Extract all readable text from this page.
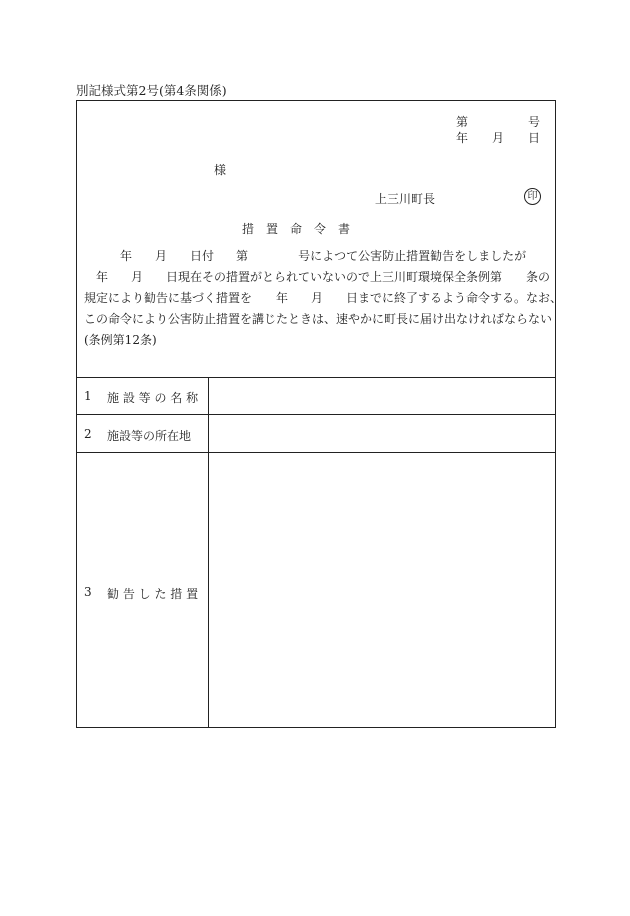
別記様式第2号(第4条関係)
第	号
年 月 日
様
上三川町長	印
措　置　命　令　書
年 月 日付 第	号によつて公害防止措置勧告をしましたが
年 月 日現在その措置がとられていないので上三川町環境保全条例第 条の
規定により勧告に基づく措置を 年 月 日までに終了するよう命令する。なお、
この命令により公害防止措置を講じたときは、速やかに町長に届け出なければならない
(条例第12条)
1 施 設 等 の 名 称
2 施設等の所在地
3 勧 告 し た 措 置
